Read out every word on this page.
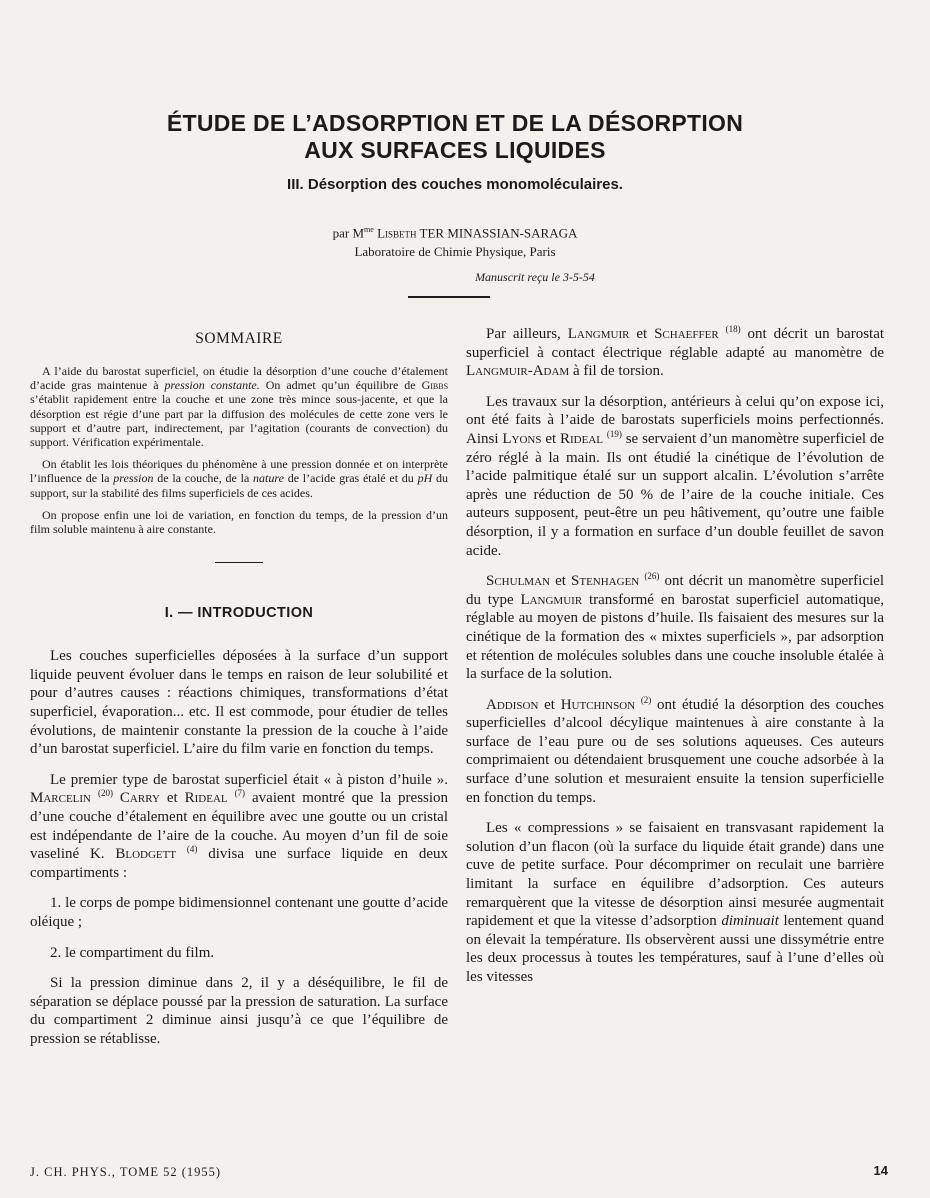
ÉTUDE DE L’ADSORPTION ET DE LA DÉSORPTION
AUX SURFACES LIQUIDES
III. Désorption des couches monomoléculaires.
par $M^{me}$ Lisbeth TER MINASSIAN-SARAGA
Laboratoire de Chimie Physique, Paris
Manuscrit reçu le 3-5-54
SOMMAIRE

A l’aide du barostat superficiel, on étudie la désorption d’une couche d’étalement d’acide gras maintenue à pression constante. On admet qu’un équilibre de Gibbs s’établit rapidement entre la couche et une zone très mince sous-jacente, et que la désorption est régie d’une part par la diffusion des molécules de cette zone vers le support et d’autre part, indirectement, par l’agitation (courants de convection) du support. Vérification expérimentale.

On établit les lois théoriques du phénomène à une pression donnée et on interprète l’influence de la pression de la couche, de la nature de l’acide gras étalé et du pH du support, sur la stabilité des films superficiels de ces acides.

On propose enfin une loi de variation, en fonction du temps, de la pression d’un film soluble maintenu à aire constante.

I. — INTRODUCTION

Les couches superficielles déposées à la surface d’un support liquide peuvent évoluer dans le temps en raison de leur solubilité et pour d’autres causes : réactions chimiques, transformations d’état superficiel, évaporation... etc. Il est commode, pour étudier de telles évolutions, de maintenir constante la pression de la couche à l’aide d’un barostat superficiel. L’aire du film varie en fonction du temps.

Le premier type de barostat superficiel était « à piston d’huile ». Marcelin $^{(20)}$ Carry et Rideal $^{(7)}$ avaient montré que la pression d’une couche d’étalement en équilibre avec une goutte ou un cristal est indépendante de l’aire de la couche. Au moyen d’un fil de soie vaseliné K. Blodgett $^{(4)}$ divisa une surface liquide en deux compartiments :

1. le corps de pompe bidimensionnel contenant une goutte d’acide oléique ;

2. le compartiment du film.

Si la pression diminue dans 2, il y a déséquilibre, le fil de séparation se déplace poussé par la pression de saturation. La surface du compartiment 2 diminue ainsi jusqu’à ce que l’équilibre de pression se rétablisse.

Par ailleurs, Langmuir et Schaeffer $^{(18)}$ ont décrit un barostat superficiel à contact électrique réglable adapté au manomètre de Langmuir-Adam à fil de torsion.

Les travaux sur la désorption, antérieurs à celui qu’on expose ici, ont été faits à l’aide de barostats superficiels moins perfectionnés. Ainsi Lyons et Rideal $^{(19)}$ se servaient d’un manomètre superficiel de zéro réglé à la main. Ils ont étudié la cinétique de l’évolution de l’acide palmitique étalé sur un support alcalin. L’évolution s’arrête après une réduction de 50 % de l’aire de la couche initiale. Ces auteurs supposent, peut-être un peu hâtivement, qu’outre une faible désorption, il y a formation en surface d’un double feuillet de savon acide.

Schulman et Stenhagen $^{(26)}$ ont décrit un manomètre superficiel du type Langmuir transformé en barostat superficiel automatique, réglable au moyen de pistons d’huile. Ils faisaient des mesures sur la cinétique de la formation des « mixtes superficiels », par adsorption et rétention de molécules solubles dans une couche insoluble étalée à la surface de la solution.

Addison et Hutchinson $^{(2)}$ ont étudié la désorption des couches superficielles d’alcool décylique maintenues à aire constante à la surface de l’eau pure ou de ses solutions aqueuses. Ces auteurs comprimaient ou détendaient brusquement une couche adsorbée à la surface d’une solution et mesuraient ensuite la tension superficielle en fonction du temps.

Les « compressions » se faisaient en transvasant rapidement la solution d’un flacon (où la surface du liquide était grande) dans une cuve de petite surface. Pour décomprimer on reculait une barrière limitant la surface en équilibre d’adsorption. Ces auteurs remarquèrent que la vitesse de désorption ainsi mesurée augmentait rapidement et que la vitesse d’adsorption diminuait lentement quand on élevait la température. Ils observèrent aussi une dissymétrie entre les deux processus à toutes les températures, sauf à l’une d’elles où les vitesses

J. CH. PHYS., TOME 52 (1955)	14
